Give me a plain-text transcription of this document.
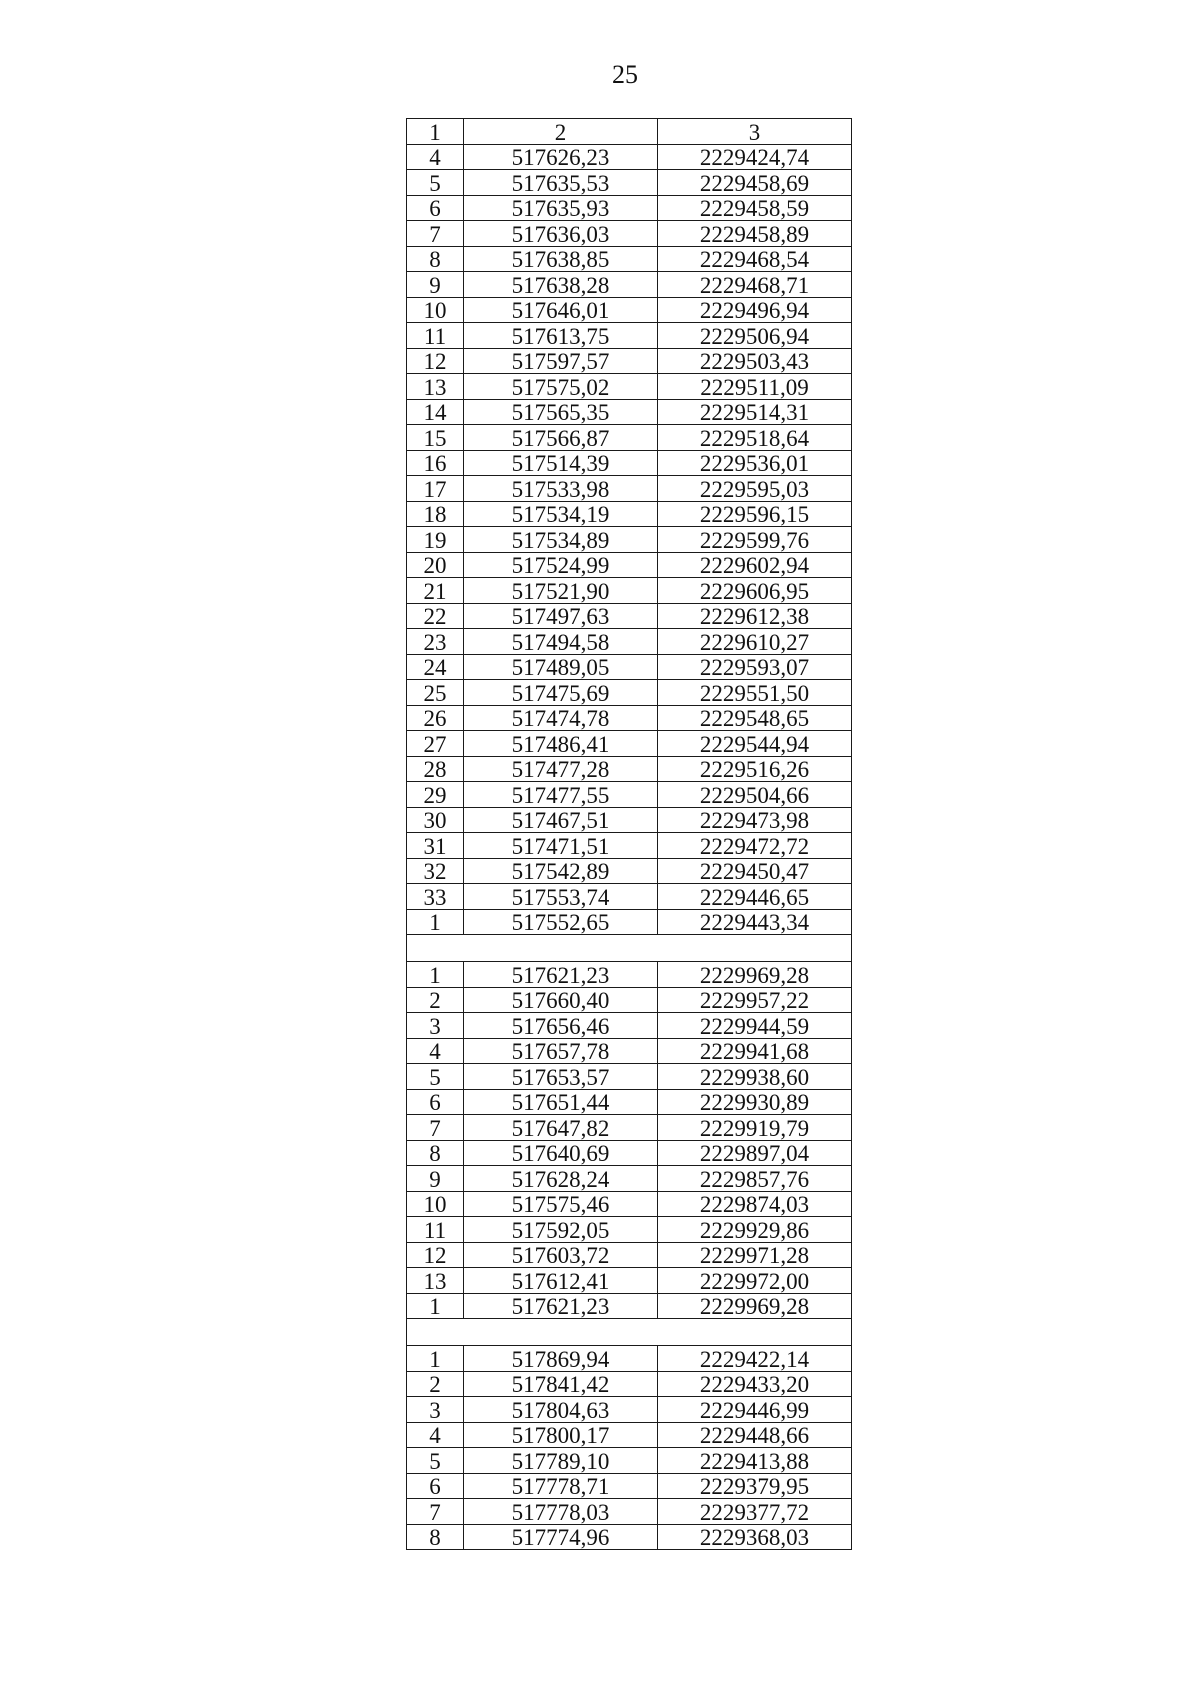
25
1	2	3
4	517626,23	2229424,74
5	517635,53	2229458,69
6	517635,93	2229458,59
7	517636,03	2229458,89
8	517638,85	2229468,54
9	517638,28	2229468,71
10	517646,01	2229496,94
11	517613,75	2229506,94
12	517597,57	2229503,43
13	517575,02	2229511,09
14	517565,35	2229514,31
15	517566,87	2229518,64
16	517514,39	2229536,01
17	517533,98	2229595,03
18	517534,19	2229596,15
19	517534,89	2229599,76
20	517524,99	2229602,94
21	517521,90	2229606,95
22	517497,63	2229612,38
23	517494,58	2229610,27
24	517489,05	2229593,07
25	517475,69	2229551,50
26	517474,78	2229548,65
27	517486,41	2229544,94
28	517477,28	2229516,26
29	517477,55	2229504,66
30	517467,51	2229473,98
31	517471,51	2229472,72
32	517542,89	2229450,47
33	517553,74	2229446,65
1	517552,65	2229443,34

1	517621,23	2229969,28
2	517660,40	2229957,22
3	517656,46	2229944,59
4	517657,78	2229941,68
5	517653,57	2229938,60
6	517651,44	2229930,89
7	517647,82	2229919,79
8	517640,69	2229897,04
9	517628,24	2229857,76
10	517575,46	2229874,03
11	517592,05	2229929,86
12	517603,72	2229971,28
13	517612,41	2229972,00
1	517621,23	2229969,28

1	517869,94	2229422,14
2	517841,42	2229433,20
3	517804,63	2229446,99
4	517800,17	2229448,66
5	517789,10	2229413,88
6	517778,71	2229379,95
7	517778,03	2229377,72
8	517774,96	2229368,03
